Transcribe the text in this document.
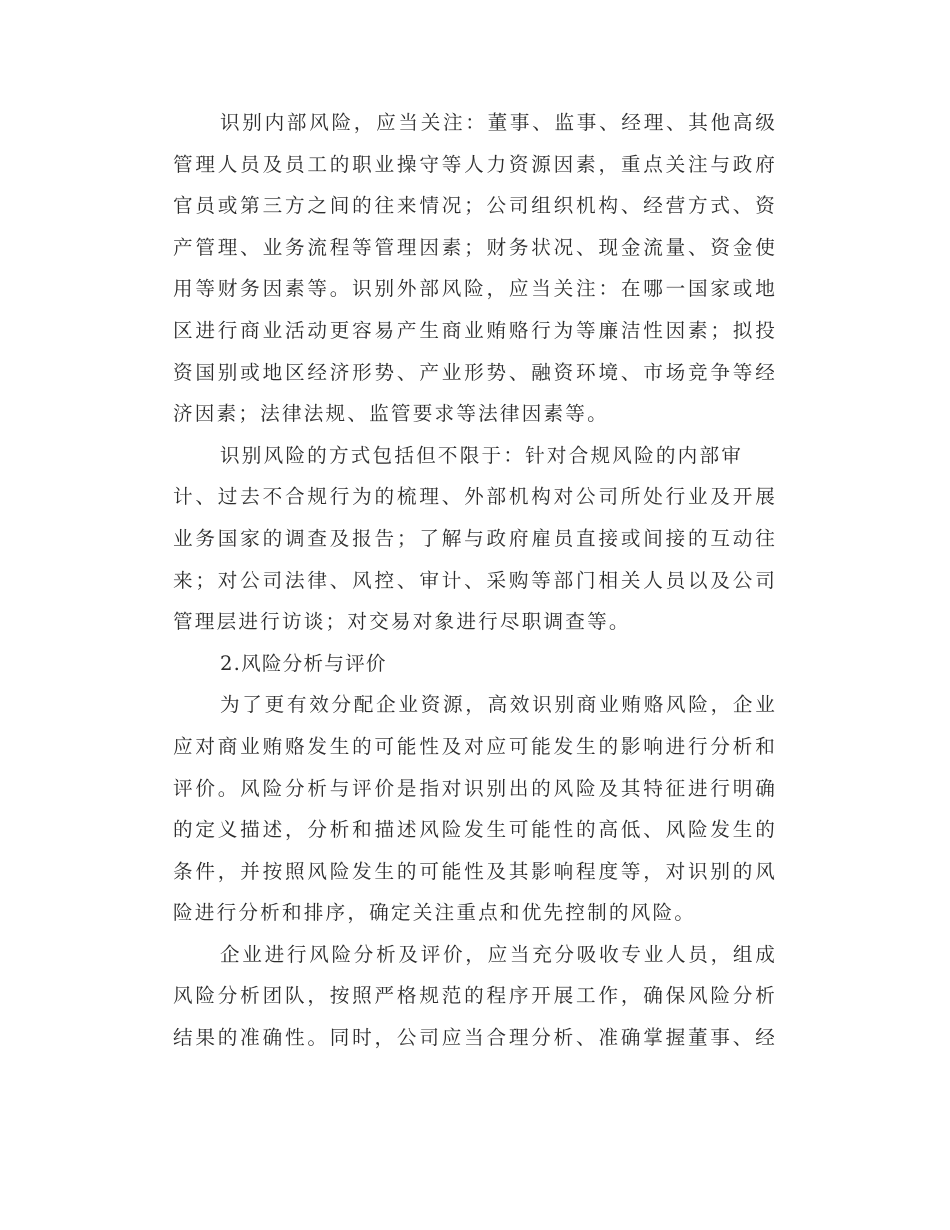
识别内部风险，应当关注：董事、监事、经理、其他高级
管理人员及员工的职业操守等人力资源因素，重点关注与政府
官员或第三方之间的往来情况；公司组织机构、经营方式、资
产管理、业务流程等管理因素；财务状况、现金流量、资金使
用等财务因素等。识别外部风险，应当关注：在哪一国家或地
区进行商业活动更容易产生商业贿赂行为等廉洁性因素；拟投
资国别或地区经济形势、产业形势、融资环境、市场竞争等经
济因素；法律法规、监管要求等法律因素等。
识别风险的方式包括但不限于：针对合规风险的内部审
计、过去不合规行为的梳理、外部机构对公司所处行业及开展
业务国家的调查及报告；了解与政府雇员直接或间接的互动往
来；对公司法律、风控、审计、采购等部门相关人员以及公司
管理层进行访谈；对交易对象进行尽职调查等。
2.风险分析与评价
为了更有效分配企业资源，高效识别商业贿赂风险，企业
应对商业贿赂发生的可能性及对应可能发生的影响进行分析和
评价。风险分析与评价是指对识别出的风险及其特征进行明确
的定义描述，分析和描述风险发生可能性的高低、风险发生的
条件，并按照风险发生的可能性及其影响程度等，对识别的风
险进行分析和排序，确定关注重点和优先控制的风险。
企业进行风险分析及评价，应当充分吸收专业人员，组成
风险分析团队，按照严格规范的程序开展工作，确保风险分析
结果的准确性。同时，公司应当合理分析、准确掌握董事、经
